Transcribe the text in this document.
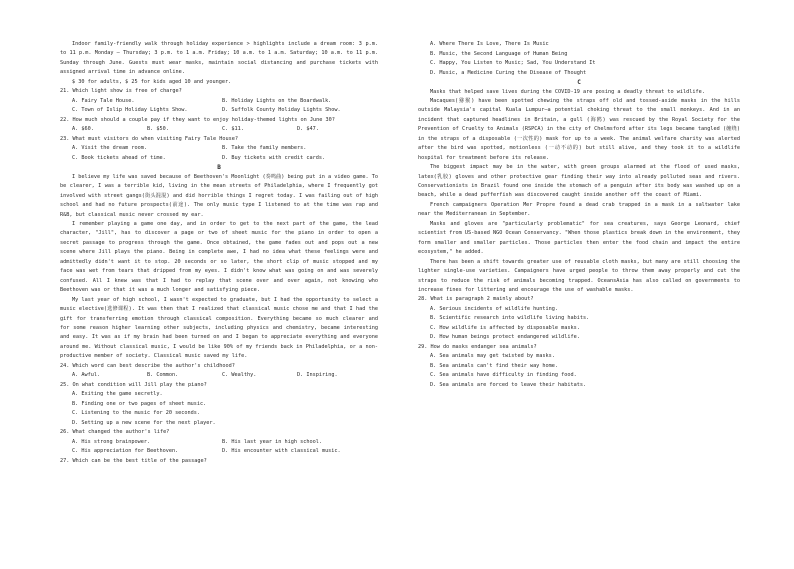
Indoor family-friendly walk through holiday experience > highlights include a dream room: 3 p.m. to 11 p.m. Monday — Thursday; 3 p.m. to 1 a.m. Friday; 10 a.m. to 1 a.m. Saturday; 10 a.m. to 11 p.m. Sunday through June. Guests must wear masks, maintain social distancing and purchase tickets with assigned arrival time in advance online.

$ 30 for adults, $ 25 for kids aged 10 and younger.

21. Which light show is free of charge?

A. Fairy Tale House.	B. Holiday Lights on the Boardwalk.
C. Town of Islip Holiday Lights Show.	D. Suffolk County Holiday Lights Show.

22. How much should a couple pay if they want to enjoy holiday-themed lights on June 30?

A. $60.	B. $50.	C. $11.	D. $47.

23. What must visitors do when visiting Fairy Tale House?

A. Visit the dream room.	B. Take the family members.
C. Book tickets ahead of time.	D. Buy tickets with credit cards.

B

I believe my life was saved because of Beethoven's Moonlight (奏鸣曲) being put in a video game. To be clearer, I was a terrible kid, living in the mean streets of Philadelphia, where I frequently got involved with street gangs(街头混混) and did horrible things I regret today. I was failing out of high school and had no future prospects(前途). The only music type I listened to at the time was rap and R&B, but classical music never crossed my ear.

I remember playing a game one day, and in order to get to the next part of the game, the lead character, "Jill", has to discover a page or two of sheet music for the piano in order to open a secret passage to progress through the game. Once obtained, the game fades out and pops out a new scene where Jill plays the piano. Being in complete awe, I had no idea what these feelings were and admittedly didn't want it to stop. 20 seconds or so later, the short clip of music stopped and my face was wet from tears that dripped from my eyes. I didn't know what was going on and was severely confused. All I knew was that I had to replay that scene over and over again, not knowing who Beethoven was or that it was a much longer and satisfying piece.

My last year of high school, I wasn't expected to graduate, but I had the opportunity to select a music elective(选修课程). It was then that I realized that classical music chose me and that I had the gift for transferring emotion through classical composition. Everything became so much clearer and for some reason higher learning other subjects, including physics and chemistry, became interesting and easy. It was as if my brain had been turned on and I began to appreciate everything and everyone around me. Without classical music, I would be like 90% of my friends back in Philadelphia, or a non-productive member of society. Classical music saved my life.

24. Which word can best describe the author's childhood?

A. Awful.	B. Common.	C. Wealthy.	D. Inspiring.

25. On what condition will Jill play the piano?

A. Exiting the game secretly.

B. Finding one or two pages of sheet music.

C. Listening to the music for 20 seconds.

D. Setting up a new scene for the next player.

26. What changed the author's life?

A. His strong brainpower.	B. His last year in high school.
C. His appreciation for Beethoven.	D. His encounter with classical music.

27. Which can be the best title of the passage?

A. Where There Is Love, There Is Music

B. Music, the Second Language of Human Being

C. Happy, You Listen to Music; Sad, You Understand It

D. Music, a Medicine Curing the Disease of Thought

C

Masks that helped save lives during the COVID-19 are posing a deadly threat to wildlife.

Macaques(猕猴) have been spotted chewing the straps off old and tossed-aside masks in the hills outside Malaysia's capital Kuala Lumpur—a potential choking threat to the small monkeys. And in an incident that captured headlines in Britain, a gull (海鸥) was rescued by the Royal Society for the Prevention of Cruelty to Animals (RSPCA) in the city of Chelmsford after its legs became tangled (缠绕) in the straps of a disposable (一次性的) mask for up to a week. The animal welfare charity was alerted after the bird was spotted, motionless (一动不动的) but still alive, and they took it to a wildlife hospital for treatment before its release.

The biggest impact may be in the water, with green groups alarmed at the flood of used masks, latex(乳胶) gloves and other protective gear finding their way into already polluted seas and rivers. Conservationists in Brazil found one inside the stomach of a penguin after its body was washed up on a beach, while a dead pufferfish was discovered caught inside another off the coast of Miami.

French campaigners Operation Mer Propre found a dead crab trapped in a mask in a saltwater lake near the Mediterranean in September.

Masks and gloves are "particularly problematic" for sea creatures, says George Leonard, chief scientist from US-based NGO Ocean Conservancy. "When those plastics break down in the environment, they form smaller and smaller particles. Those particles then enter the food chain and impact the entire ecosystem," he added.

There has been a shift towards greater use of reusable cloth masks, but many are still choosing the lighter single-use varieties. Campaigners have urged people to throw them away properly and cut the straps to reduce the risk of animals becoming trapped. OceansAsia has also called on governments to increase fines for littering and encourage the use of washable masks.

28. What is paragraph 2 mainly about?

A. Serious incidents of wildlife hunting.

B. Scientific research into wildlife living habits.

C. How wildlife is affected by disposable masks.

D. How human beings protect endangered wildlife.

29. How do masks endanger sea animals?

A. Sea animals may get twisted by masks.

B. Sea animals can't find their way home.

C. Sea animals have difficulty in finding food.

D. Sea animals are forced to leave their habitats.
